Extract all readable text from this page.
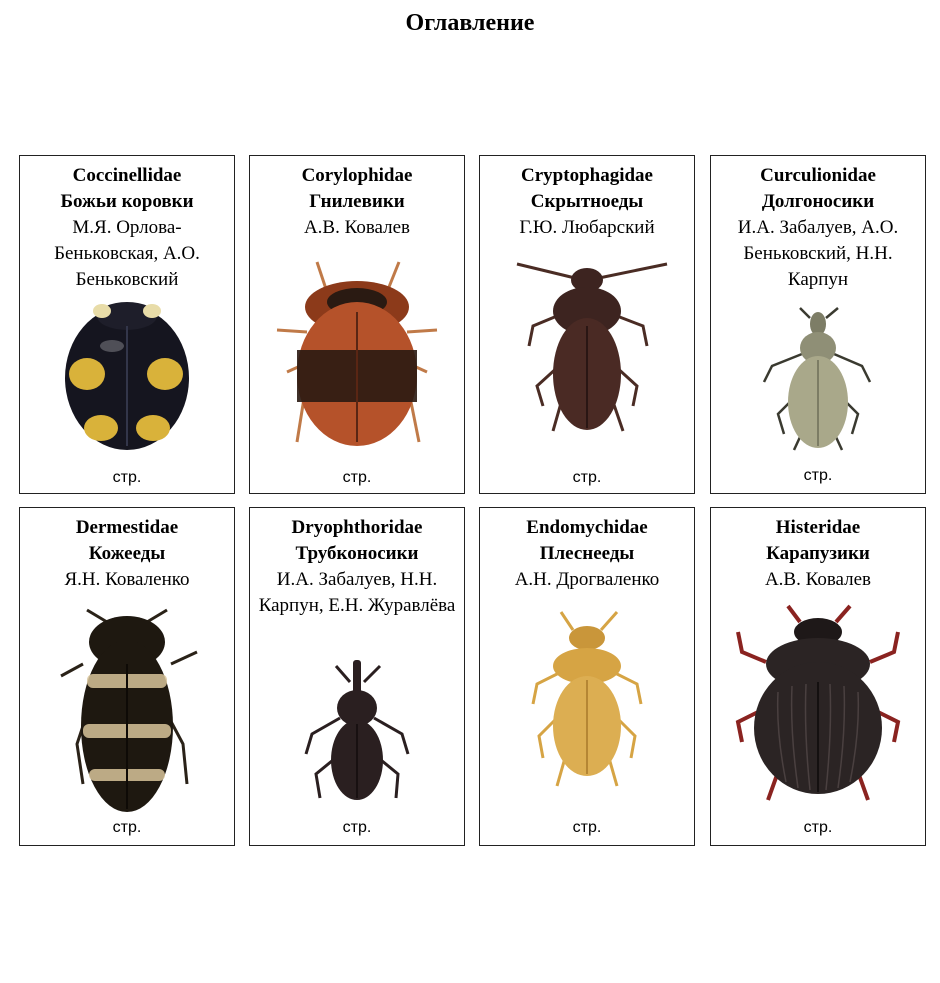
Оглавление
Coccinellidae
Божьи коровки
М.Я. Орлова-Беньковская, А.О. Беньковский
стр.
Corylophidae
Гнилевики
А.В. Ковалев
стр.
Cryptophagidae
Скрытноеды
Г.Ю. Любарский
стр.
Curculionidae
Долгоносики
И.А. Забалуев, А.О. Беньковский, Н.Н. Карпун
стр.
Dermestidae
Кожееды
Я.Н. Коваленко
стр.
Dryophthoridae
Трубконосики
И.А. Забалуев, Н.Н. Карпун, Е.Н. Журавлёва
стр.
Endomychidae
Плеснееды
А.Н. Дрогваленко
стр.
Histeridae
Карапузики
А.В. Ковалев
стр.
